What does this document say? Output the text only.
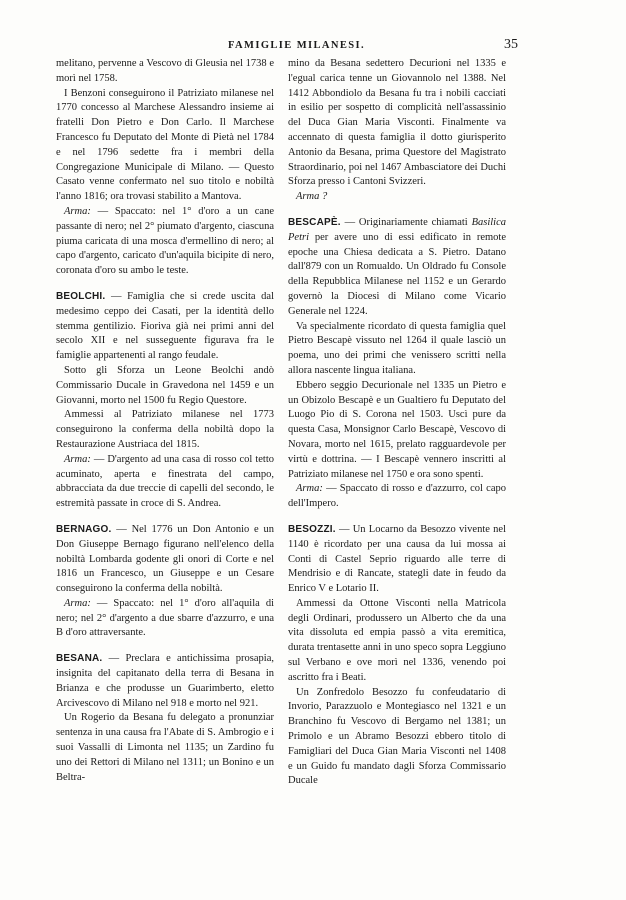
FAMIGLIE MILANESI.	35

melitano, pervenne a Vescovo di Gleusia nel 1738 e morì nel 1758.

I Benzoni conseguirono il Patriziato milanese nel 1770 concesso al Marchese Alessandro insieme ai fratelli Don Pietro e Don Carlo. Il Marchese Francesco fu Deputato del Monte di Pietà nel 1784 e nel 1796 sedette fra i membri della Congregazione Municipale di Milano. — Questo Casato venne confermato nel suo titolo e nobiltà l'anno 1816; ora trovasi stabilito a Mantova.

Arma: — Spaccato: nel 1° d'oro a un cane passante di nero; nel 2° piumato d'argento, ciascuna piuma caricata di una mosca d'ermellino di nero; al capo d'argento, caricato d'un'aquila bicipite di nero, coronata d'oro su ambo le teste.

BEOLCHI. — Famiglia che si crede uscita dal medesimo ceppo dei Casati, per la identità dello stemma gentilizio. Fioriva già nei primi anni del secolo XII e nel susseguente figurava fra le famiglie appartenenti al rango feudale.

Sotto gli Sforza un Leone Beolchi andò Commissario Ducale in Gravedona nel 1459 e un Giovanni, morto nel 1500 fu Regio Questore.

Ammessi al Patriziato milanese nel 1773 conseguirono la conferma della nobiltà dopo la Restaurazione Austriaca del 1815.

Arma: — D'argento ad una casa di rosso col tetto acuminato, aperta e finestrata del campo, abbracciata da due treccie di capelli del secondo, le estremità passate in croce di S. Andrea.

BERNAGO. — Nel 1776 un Don Antonio e un Don Giuseppe Bernago figurano nell'elenco della nobiltà Lombarda godente gli onori di Corte e nel 1816 un Francesco, un Giuseppe e un Cesare conseguirono la conferma della nobiltà.

Arma: — Spaccato: nel 1° d'oro all'aquila di nero; nel 2° d'argento a due sbarre d'azzurro, e una B d'oro attraversante.

BESANA. — Preclara e antichissima prosapia, insignita del capitanato della terra di Besana in Brianza e che produsse un Guarimberto, eletto Arcivescovo di Milano nel 918 e morto nel 921.

Un Rogerio da Besana fu delegato a pronunziar sentenza in una causa fra l'Abate di S. Ambrogio e i suoi Vassalli di Limonta nel 1135; un Zardino fu uno dei Rettori di Milano nel 1311; un Bonino e un Beltra-

mino da Besana sedettero Decurioni nel 1335 e l'egual carica tenne un Giovannolo nel 1388. Nel 1412 Abbondiolo da Besana fu tra i nobili cacciati in esilio per sospetto di complicità nell'assassinio del Duca Gian Maria Visconti. Finalmente va accennato di questa famiglia il dotto giurisperito Antonio da Besana, prima Questore del Magistrato Straordinario, poi nel 1467 Ambasciatore dei Duchi Sforza presso i Cantoni Svizzeri.

Arma ?

BESCAPÈ. — Originariamente chiamati Basilica Petri per avere uno di essi edificato in remote epoche una Chiesa dedicata a S. Pietro. Datano dall'879 con un Romualdo. Un Oldrado fu Console della Repubblica Milanese nel 1152 e un Gerardo governò la Diocesi di Milano come Vicario Generale nel 1224.

Va specialmente ricordato di questa famiglia quel Pietro Bescapè vissuto nel 1264 il quale lasciò un poema, uno dei primi che venissero scritti nella allora nascente lingua italiana.

Ebbero seggio Decurionale nel 1335 un Pietro e un Obizolo Bescapè e un Gualtiero fu Deputato del Luogo Pio di S. Corona nel 1503. Uscì pure da questa Casa, Monsignor Carlo Bescapè, Vescovo di Novara, morto nel 1615, prelato ragguardevole per virtù e dottrina. — I Bescapè vennero inscritti al Patriziato milanese nel 1750 e ora sono spenti.

Arma: — Spaccato di rosso e d'azzurro, col capo dell'Impero.

BESOZZI. — Un Locarno da Besozzo vivente nel 1140 è ricordato per una causa da lui mossa ai Conti di Castel Seprio riguardo alle terre di Mendrisio e di Rancate, stategli date in feudo da Enrico V e Lotario II.

Ammessi da Ottone Visconti nella Matricola degli Ordinari, produssero un Alberto che da una vita dissoluta ed empia passò a vita eremitica, durata trentasette anni in uno speco sopra Leggiuno sul Verbano e ove morì nel 1336, venendo poi ascritto fra i Beati.

Un Zonfredolo Besozzo fu confeudatario di Invorio, Parazzuolo e Montegiasco nel 1321 e un Branchino fu Vescovo di Bergamo nel 1381; un Primolo e un Abramo Besozzi ebbero titolo di Famigliari del Duca Gian Maria Visconti nel 1408 e un Guido fu mandato dagli Sforza Commissario Ducale
